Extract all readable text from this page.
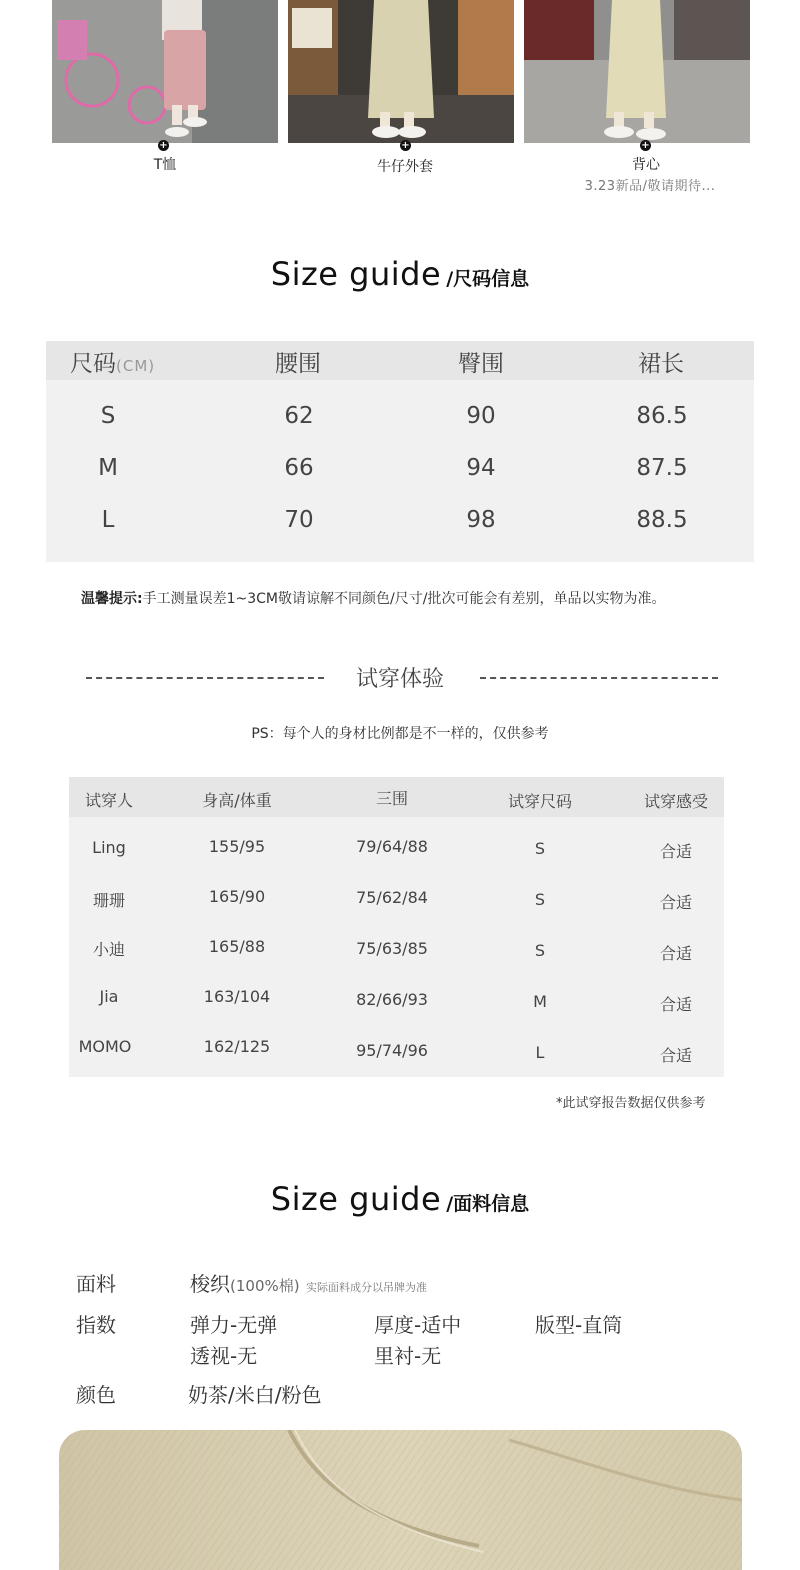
+
T恤
+
牛仔外套
+
背心
3.23新品/敬请期待...
Size guide /尺码信息
尺码(CM)	腰围	臀围	裙长
S	62	90	86.5
M	66	94	87.5
L	70	98	88.5
温馨提示:手工测量误差1~3CM敬请谅解不同颜色/尺寸/批次可能会有差别，单品以实物为准。
试穿体验
PS：每个人的身材比例都是不一样的，仅供参考
试穿人	身高/体重	三围	试穿尺码	试穿感受
Ling	155/95	79/64/88	S	合适
珊珊	165/90	75/62/84	S	合适
小迪	165/88	75/63/85	S	合适
Jia	163/104	82/66/93	M	合适
MOMO	162/125	95/74/96	L	合适
*此试穿报告数据仅供参考
Size guide /面料信息
面料	梭织(100%棉) 实际面料成分以吊牌为准
指数	弹力-无弹	厚度-适中	版型-直筒
透视-无	里衬-无
颜色	奶茶/米白/粉色
